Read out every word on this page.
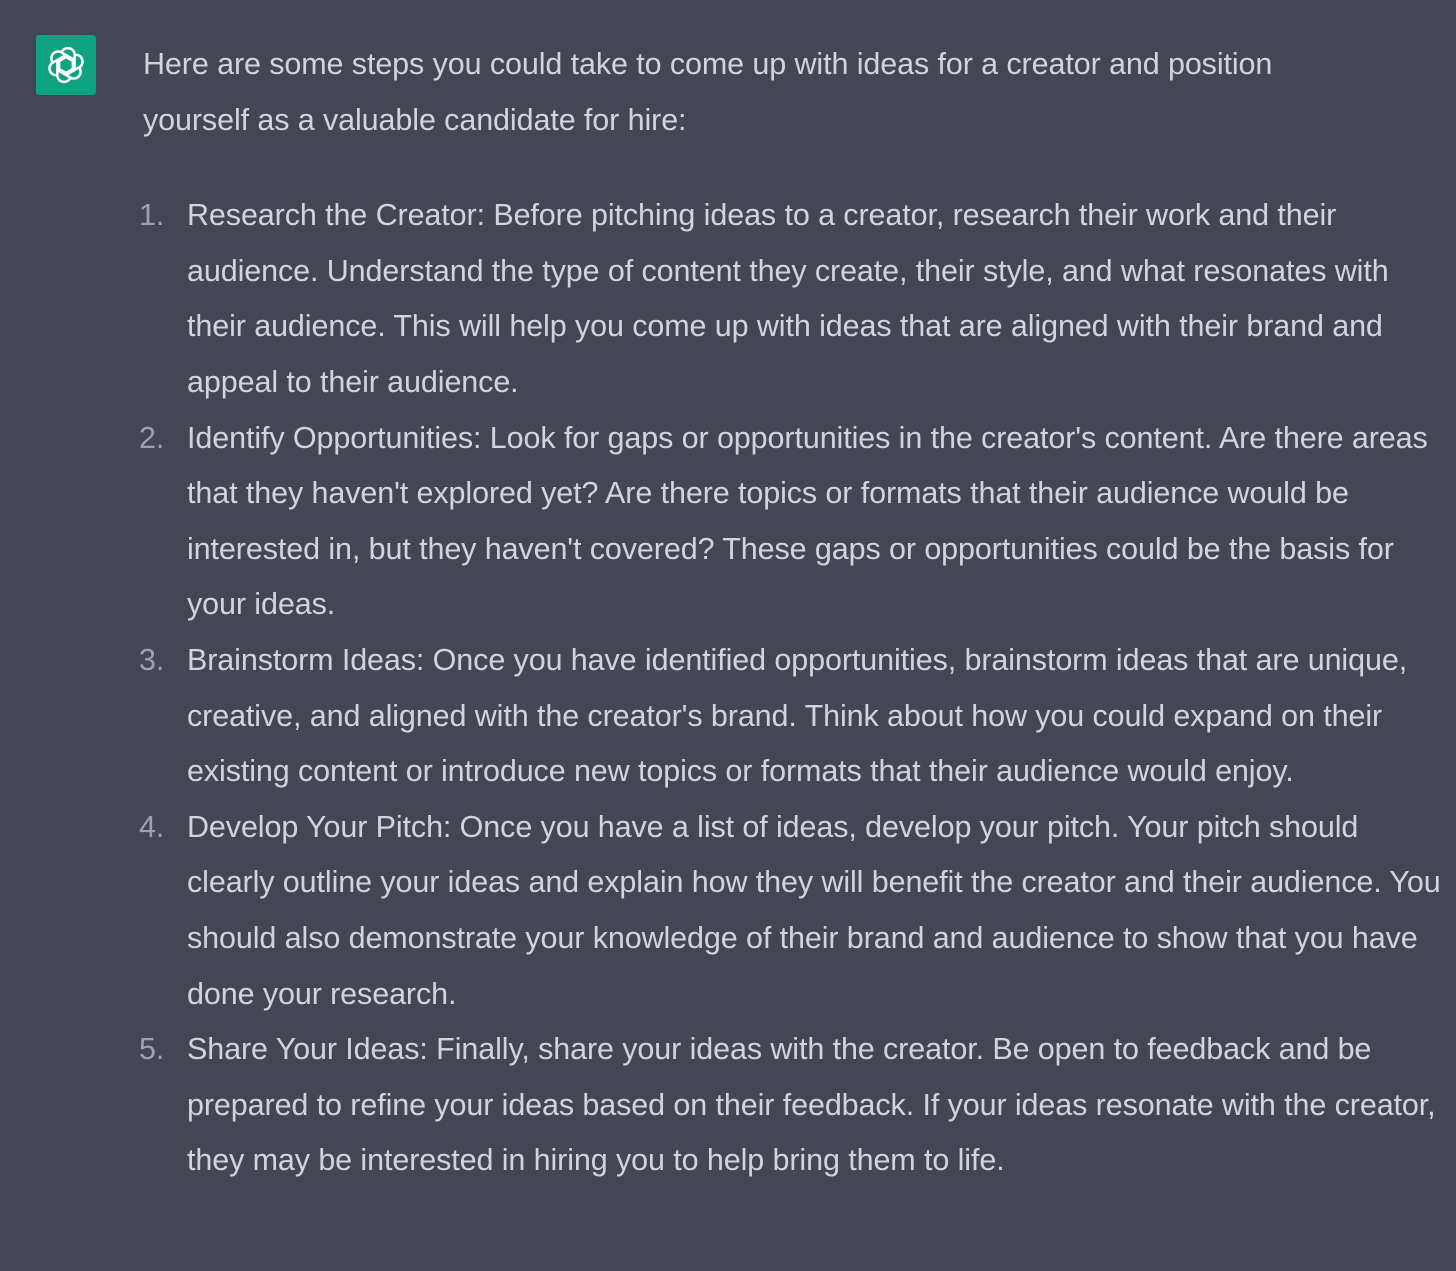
Here are some steps you could take to come up with ideas for a creator and position yourself as a valuable candidate for hire:

1. Research the Creator: Before pitching ideas to a creator, research their work and their audience. Understand the type of content they create, their style, and what resonates with their audience. This will help you come up with ideas that are aligned with their brand and appeal to their audience.
2. Identify Opportunities: Look for gaps or opportunities in the creator's content. Are there areas that they haven't explored yet? Are there topics or formats that their audience would be interested in, but they haven't covered? These gaps or opportunities could be the basis for your ideas.
3. Brainstorm Ideas: Once you have identified opportunities, brainstorm ideas that are unique, creative, and aligned with the creator's brand. Think about how you could expand on their existing content or introduce new topics or formats that their audience would enjoy.
4. Develop Your Pitch: Once you have a list of ideas, develop your pitch. Your pitch should clearly outline your ideas and explain how they will benefit the creator and their audience. You should also demonstrate your knowledge of their brand and audience to show that you have done your research.
5. Share Your Ideas: Finally, share your ideas with the creator. Be open to feedback and be prepared to refine your ideas based on their feedback. If your ideas resonate with the creator, they may be interested in hiring you to help bring them to life.
